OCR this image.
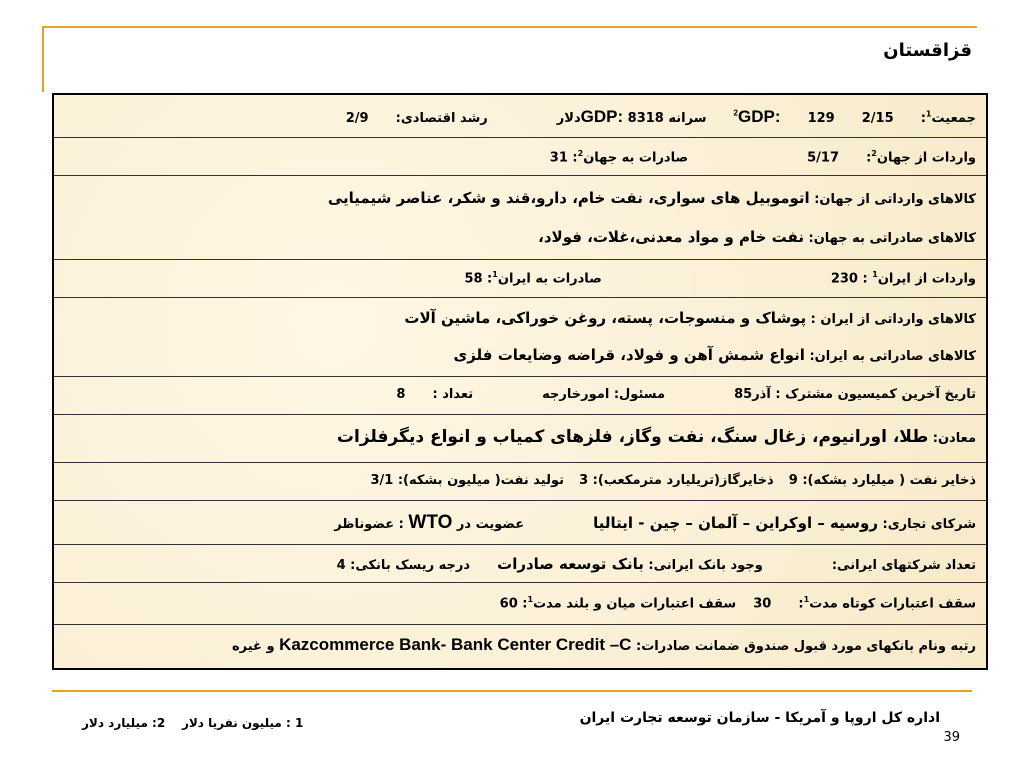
قزاقستان
جمعیت$^1$:  2/15  $^2$GDP: 129  سرانه GDP: 8318دلار  رشد اقتصادی:  2/9
واردات از جهان$^2$:  5/17  صادرات به جهان$^2$: 31
کالاهای وارداتی از جهان: اتوموبیل های سواری، نفت خام، دارو،قند و شکر، عناصر شیمیایی
کالاهای صادراتی به جهان: نفت خام و مواد معدنی،غلات، فولاد،
واردات از ایران$^1$ : 230  صادرات به ایران$^1$: 58
کالاهای وارداتی از ایران : پوشاک و منسوجات، پسته، روغن خوراکی، ماشین آلات
کالاهای صادراتی به ایران: انواع شمش آهن و فولاد، قراضه وضایعات فلزی
تاریخ آخرین کمیسیون مشترک : آذر85  مسئول: امورخارجه  تعداد :  8
معادن: طلا، اورانیوم، زغال سنگ، نفت وگاز، فلزهای کمیاب و انواع دیگرفلزات
ذخایر نفت ( میلیارد بشکه): 9  ذخایرگاز(تریلیارد مترمکعب): 3  تولید نفت( میلیون بشکه): 3/1
شرکای تجاری: روسیه – اوکراین – آلمان – چین - ایتالیا  عضویت در WTO : عضوناظر
تعداد شرکتهای ایرانی:  وجود بانک ایرانی: بانک توسعه صادرات  درجه ریسک بانکی: 4
سقف اعتبارات کوتاه مدت$^1$:  30  سقف اعتبارات میان و بلند مدت$^1$: 60
رتبه ونام بانکهای مورد قبول صندوق ضمانت صادرات: Kazcommerce Bank- Bank Center Credit –C و غیره
اداره کل اروپا و آمریکا - سازمان توسعه تجارت ایران
1 : میلیون نفریا دلار    2: میلیارد دلار
39
